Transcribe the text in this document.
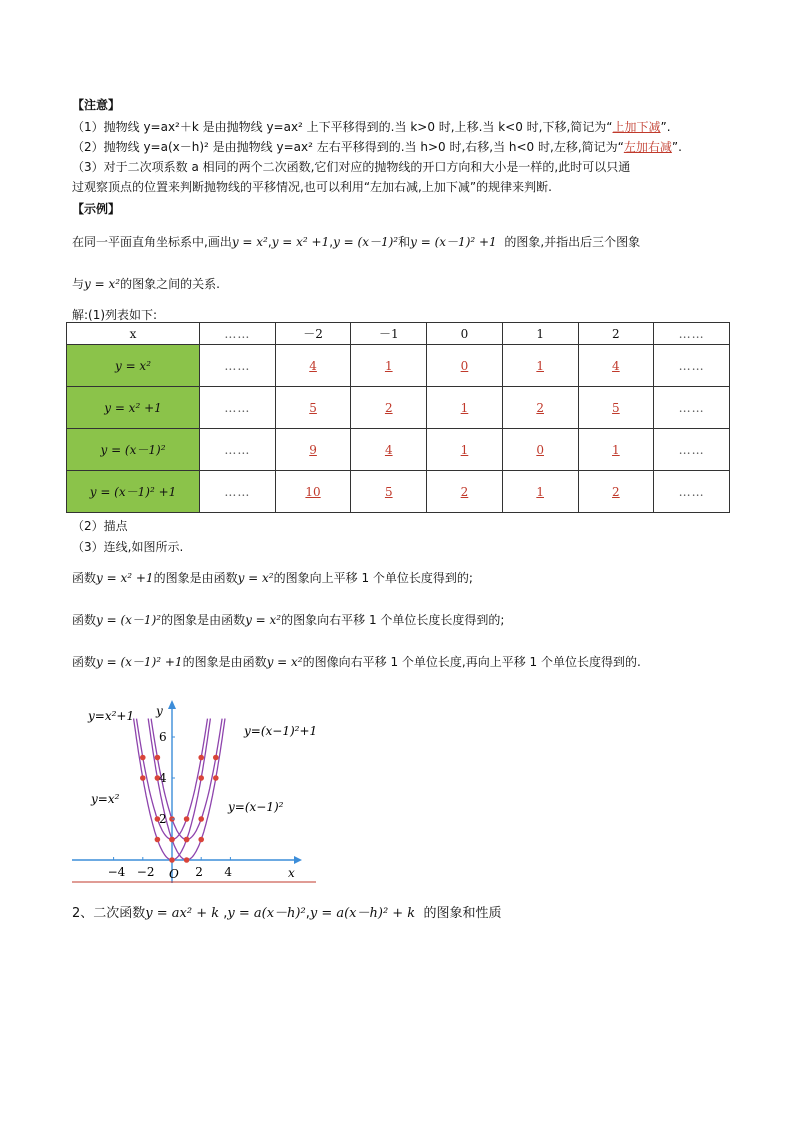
【注意】
（1）抛物线 y=ax²＋k 是由抛物线 y=ax² 上下平移得到的.当 k>0 时,上移.当 k<0 时,下移,简记为“上加下减”.
（2）抛物线 y=a(x－h)² 是由抛物线 y=ax² 左右平移得到的.当 h>0 时,右移,当 h<0 时,左移,简记为“左加右减”.
（3）对于二次项系数 a 相同的两个二次函数,它们对应的抛物线的开口方向和大小是一样的,此时可以只通
过观察顶点的位置来判断抛物线的平移情况,也可以利用“左加右减,上加下减”的规律来判断.
【示例】
在同一平面直角坐标系中,画出y = x²,y = x² +1,y = (x－1)²和y = (x－1)² +1 的图象,并指出后三个图象
与y = x²的图象之间的关系.
解:(1)列表如下:
x	……	－2	－1	0	1	2	……
y = x²	……	4	1	0	1	4	……
y = x² +1	……	5	2	1	2	5	……
y = (x－1)²	……	9	4	1	0	1	……
y = (x－1)² +1	……	10	5	2	1	2	……
（2）描点
（3）连线,如图所示.
函数y = x² +1的图象是由函数y = x²的图象向上平移 1 个单位长度得到的;
函数y = (x－1)²的图象是由函数y = x²的图象向右平移 1 个单位长度长度得到的;
函数y = (x－1)² +1的图象是由函数y = x²的图像向右平移 1 个单位长度,再向上平移 1 个单位长度得到的.
−4 −2	2 4
2
4
6
y=x²+1
y=x²
y=(x−1)²+1
y=(x−1)²
y
x
O
2、二次函数y = ax² + k ,y = a(x－h)²,y = a(x－h)² + k 的图象和性质
